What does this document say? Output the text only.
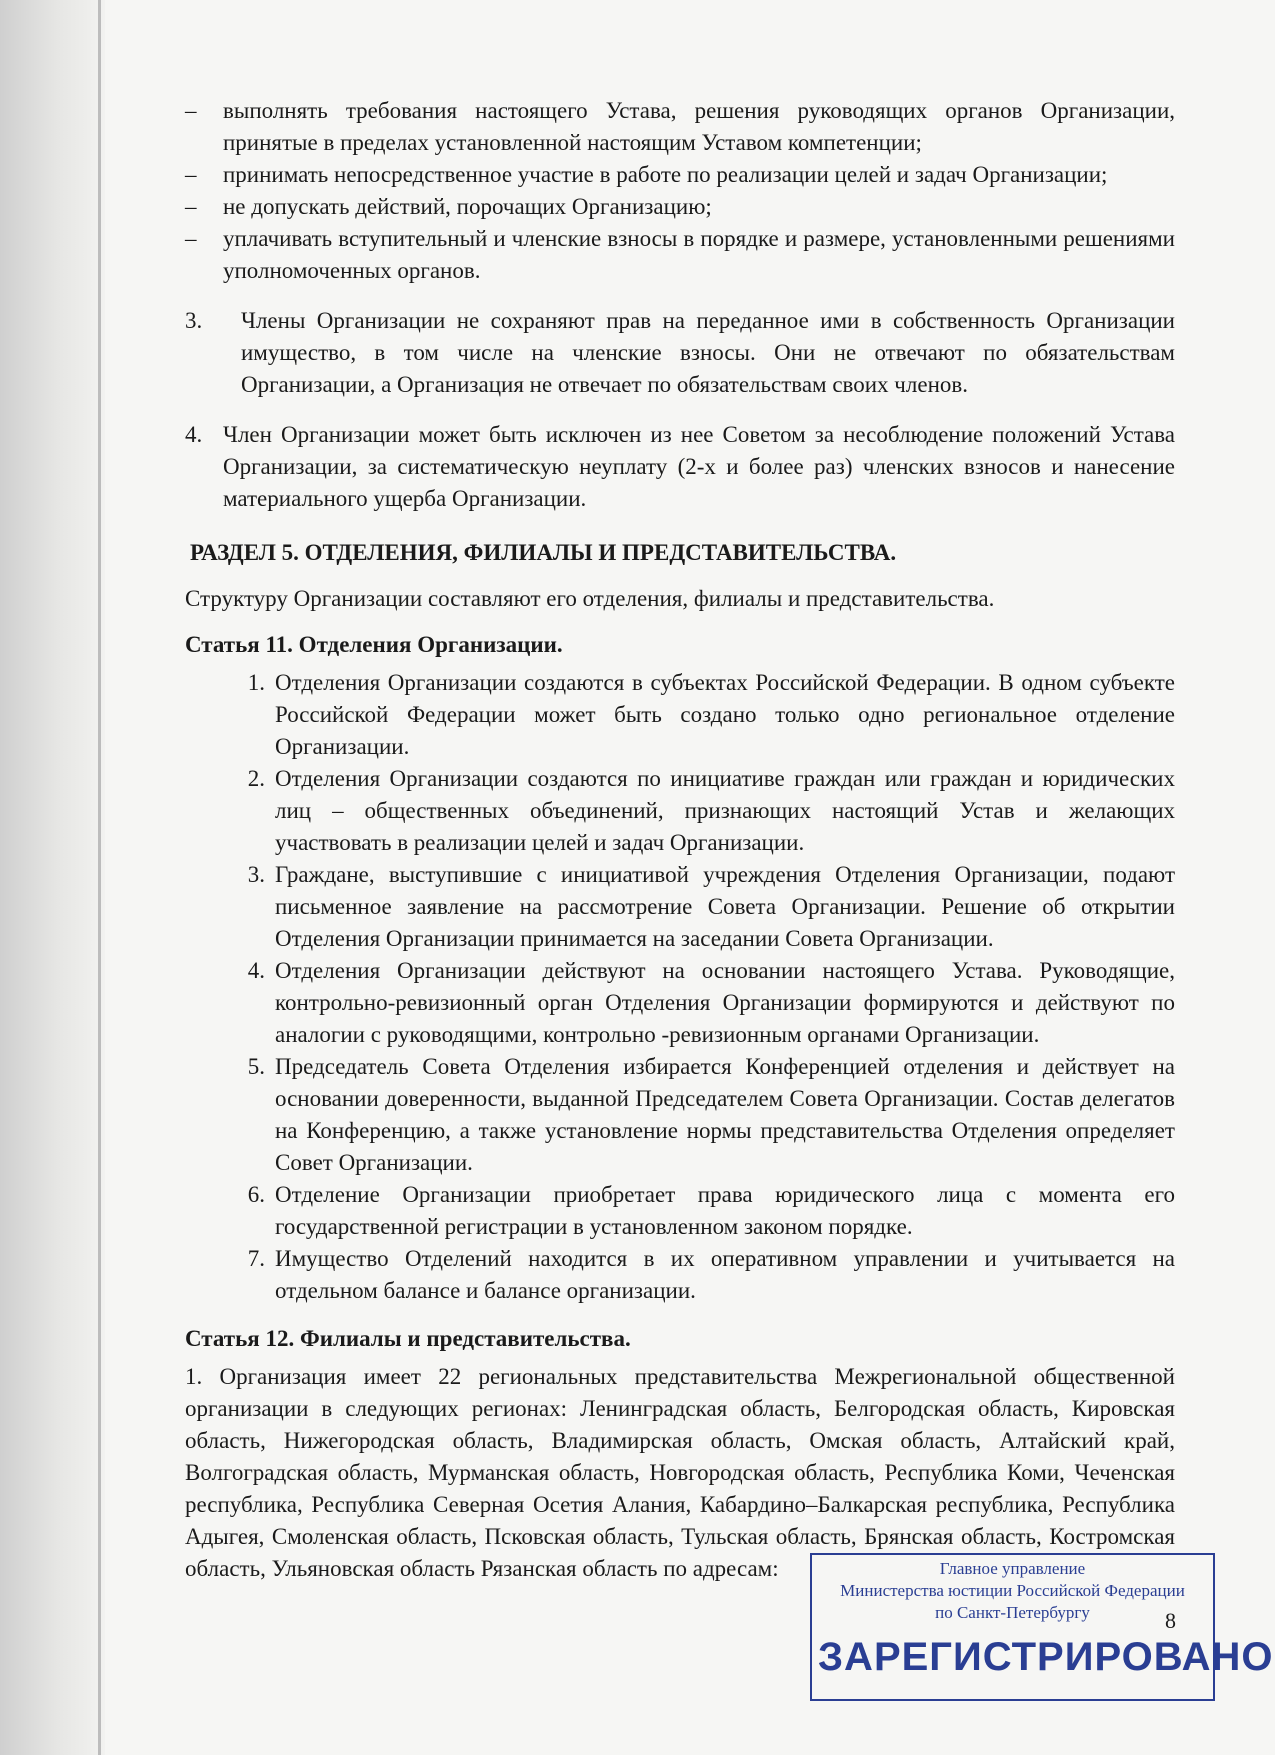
–	выполнять требования настоящего Устава, решения руководящих органов Организации, принятые в пределах установленной настоящим Уставом компетенции;
–	принимать непосредственное участие в работе по реализации целей и задач Организации;
–	не допускать действий, порочащих Организацию;
–	уплачивать вступительный и членские взносы в порядке и размере, установленными решениями уполномоченных органов.
3.	Члены Организации не сохраняют прав на переданное ими в собственность Организации имущество, в том числе на членские взносы. Они не отвечают по обязательствам Организации, а Организация не отвечает по обязательствам своих членов.
4. Член Организации может быть исключен из нее Советом за несоблюдение положений Устава Организации, за систематическую неуплату (2-х и более раз) членских взносов и нанесение материального ущерба Организации.
РАЗДЕЛ 5. ОТДЕЛЕНИЯ, ФИЛИАЛЫ И ПРЕДСТАВИТЕЛЬСТВА.
Структуру Организации составляют его отделения, филиалы и представительства.
Статья 11. Отделения Организации.
1. Отделения Организации создаются в субъектах Российской Федерации. В одном субъекте Российской Федерации может быть создано только одно региональное отделение Организации.
2. Отделения Организации создаются по инициативе граждан или граждан и юридических лиц – общественных объединений, признающих настоящий Устав и желающих участвовать в реализации целей и задач Организации.
3. Граждане, выступившие с инициативой учреждения Отделения Организации, подают письменное заявление на рассмотрение Совета Организации. Решение об открытии Отделения Организации принимается на заседании Совета Организации.
4. Отделения Организации действуют на основании настоящего Устава. Руководящие, контрольно-ревизионный орган Отделения Организации формируются и действуют по аналогии с руководящими, контрольно -ревизионным органами Организации.
5. Председатель Совета Отделения избирается Конференцией отделения и действует на основании доверенности, выданной Председателем Совета Организации. Состав делегатов на Конференцию, а также установление нормы представительства Отделения определяет Совет Организации.
6. Отделение Организации приобретает права юридического лица с момента его государственной регистрации в установленном законом порядке.
7. Имущество Отделений находится в их оперативном управлении и учитывается на отдельном балансе и балансе организации.
Статья 12. Филиалы и представительства.
1. Организация имеет 22 региональных представительства Межрегиональной общественной организации в следующих регионах: Ленинградская область, Белгородская область, Кировская область, Нижегородская область, Владимирская область, Омская область, Алтайский край, Волгоградская область, Мурманская область, Новгородская область, Республика Коми, Чеченская республика, Республика Северная Осетия Алания, Кабардино–Балкарская республика, Республика Адыгея, Смоленская область, Псковская область, Тульская область, Брянская область, Костромская область, Ульяновская область Рязанская область по адресам:	Главное управление
Министерства юстиции Российской Федерации
по Санкт-Петербургу
ЗАРЕГИСТРИРОВАНО
8
